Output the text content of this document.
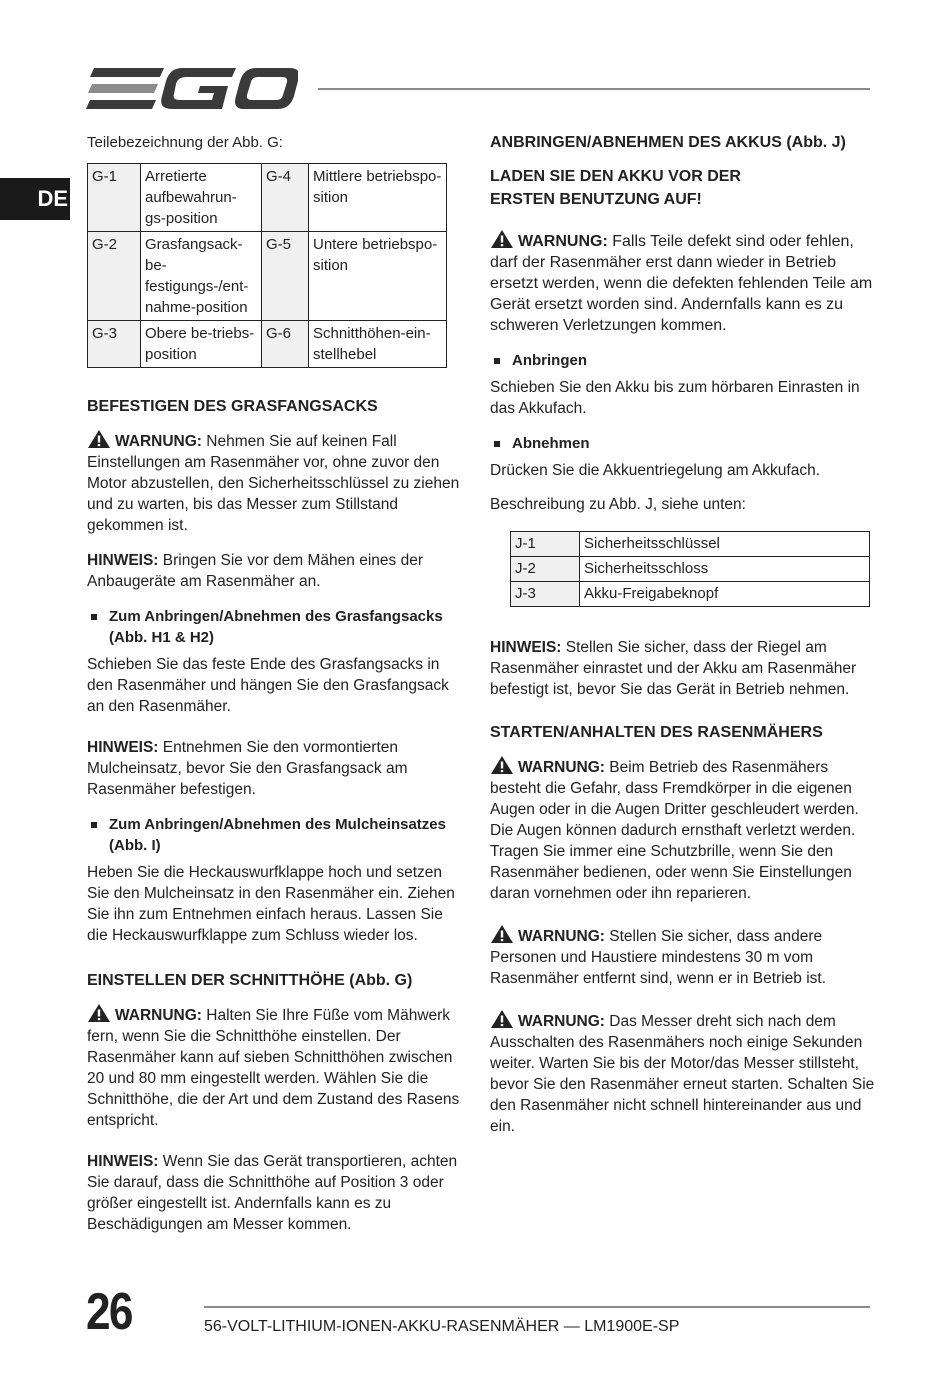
DE

Teilebezeichnung der Abb. G:

G-1	Arretierte aufbewahrun-gs-position	G-4	Mittlere betriebspo-sition
G-2	Grasfangsack-be-festigungs-/ent-nahme-position	G-5	Untere betriebspo-sition
G-3	Obere be-triebs-position	G-6	Schnitthöhen-ein-stellhebel
BEFESTIGEN DES GRASFANGSACKS

WARNUNG: Nehmen Sie auf keinen Fall Einstellungen am Rasenmäher vor, ohne zuvor den Motor abzustellen, den Sicherheitsschlüssel zu ziehen und zu warten, bis das Messer zum Stillstand gekommen ist.

HINWEIS: Bringen Sie vor dem Mähen eines der Anbaugeräte am Rasenmäher an.

Zum Anbringen/Abnehmen des Grasfangsacks (Abb. H1 & H2)

Schieben Sie das feste Ende des Grasfangsacks in den Rasenmäher und hängen Sie den Grasfangsack an den Rasenmäher.

HINWEIS: Entnehmen Sie den vormontierten Mulcheinsatz, bevor Sie den Grasfangsack am Rasenmäher befestigen.

Zum Anbringen/Abnehmen des Mulcheinsatzes (Abb. I)

Heben Sie die Heckauswurfklappe hoch und setzen Sie den Mulcheinsatz in den Rasenmäher ein. Ziehen Sie ihn zum Entnehmen einfach heraus. Lassen Sie die Heckauswurfklappe zum Schluss wieder los.

EINSTELLEN DER SCHNITTHÖHE (Abb. G)

WARNUNG: Halten Sie Ihre Füße vom Mähwerk fern, wenn Sie die Schnitthöhe einstellen. Der Rasenmäher kann auf sieben Schnitthöhen zwischen 20 und 80 mm eingestellt werden. Wählen Sie die Schnitthöhe, die der Art und dem Zustand des Rasens entspricht.

HINWEIS: Wenn Sie das Gerät transportieren, achten Sie darauf, dass die Schnitthöhe auf Position 3 oder größer eingestellt ist. Andernfalls kann es zu Beschädigungen am Messer kommen.

ANBRINGEN/ABNEHMEN DES AKKUS (Abb. J)
LADEN SIE DEN AKKU VOR DER ERSTEN BENUTZUNG AUF!

WARNUNG: Falls Teile defekt sind oder fehlen, darf der Rasenmäher erst dann wieder in Betrieb ersetzt werden, wenn die defekten fehlenden Teile am Gerät ersetzt worden sind. Andernfalls kann es zu schweren Verletzungen kommen.

Anbringen

Schieben Sie den Akku bis zum hörbaren Einrasten in das Akkufach.

Abnehmen

Drücken Sie die Akkuentriegelung am Akkufach.

Beschreibung zu Abb. J, siehe unten:

J-1	Sicherheitsschlüssel
J-2	Sicherheitsschloss
J-3	Akku-Freigabeknopf

HINWEIS: Stellen Sie sicher, dass der Riegel am Rasenmäher einrastet und der Akku am Rasenmäher befestigt ist, bevor Sie das Gerät in Betrieb nehmen.

STARTEN/ANHALTEN DES RASENMÄHERS

WARNUNG: Beim Betrieb des Rasenmähers besteht die Gefahr, dass Fremdkörper in die eigenen Augen oder in die Augen Dritter geschleudert werden. Die Augen können dadurch ernsthaft verletzt werden. Tragen Sie immer eine Schutzbrille, wenn Sie den Rasenmäher bedienen, oder wenn Sie Einstellungen daran vornehmen oder ihn reparieren.

WARNUNG: Stellen Sie sicher, dass andere Personen und Haustiere mindestens 30 m vom Rasenmäher entfernt sind, wenn er in Betrieb ist.

WARNUNG: Das Messer dreht sich nach dem Ausschalten des Rasenmähers noch einige Sekunden weiter. Warten Sie bis der Motor/das Messer stillsteht, bevor Sie den Rasenmäher erneut starten. Schalten Sie den Rasenmäher nicht schnell hintereinander aus und ein.

26	56-VOLT-LITHIUM-IONEN-AKKU-RASENMÄHER — LM1900E-SP
